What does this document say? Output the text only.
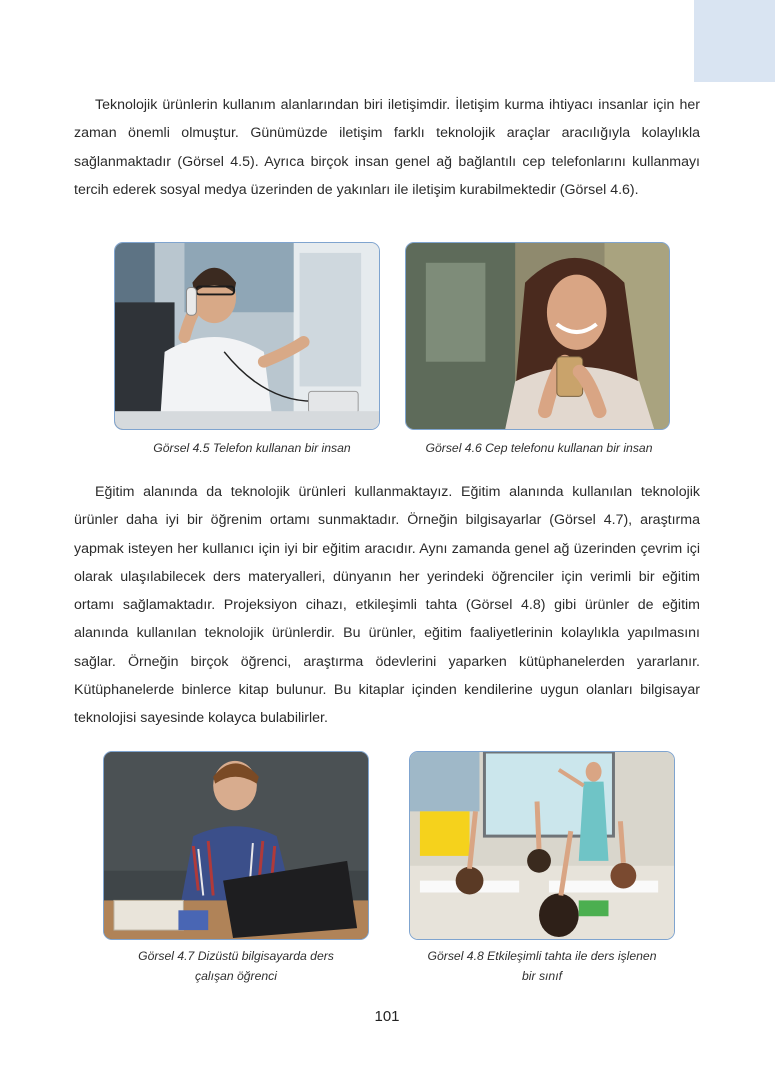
Teknolojik ürünlerin kullanım alanlarından biri iletişimdir. İletişim kurma ihtiyacı insanlar için her zaman önemli olmuştur. Günümüzde iletişim farklı teknolojik araçlar aracılığıyla kolaylıkla sağlanmaktadır (Görsel 4.5). Ayrıca birçok insan genel ağ bağlantılı cep telefonlarını kullanmayı tercih ederek sosyal medya üzerinden de yakınları ile iletişim kurabilmektedir (Görsel 4.6).

Görsel 4.5 Telefon kullanan bir insan	Görsel 4.6 Cep telefonu kullanan bir insan

Eğitim alanında da teknolojik ürünleri kullanmaktayız. Eğitim alanında kullanılan teknolojik ürünler daha iyi bir öğrenim ortamı sunmaktadır. Örneğin bilgisayarlar (Görsel 4.7), araştırma yapmak isteyen her kullanıcı için iyi bir eğitim aracıdır. Aynı zamanda genel ağ üzerinden çevrim içi olarak ulaşılabilecek ders materyalleri, dünyanın her yerindeki öğrenciler için verimli bir eğitim ortamı sağlamaktadır. Projeksiyon cihazı, etkileşimli tahta (Görsel 4.8) gibi ürünler de eğitim alanında kullanılan teknolojik ürünlerdir. Bu ürünler, eğitim faaliyetlerinin kolaylıkla yapılmasını sağlar. Örneğin birçok öğrenci, araştırma ödevlerini yaparken kütüphanelerden yararlanır. Kütüphanelerde binlerce kitap bulunur. Bu kitaplar içinden kendilerine uygun olanları bilgisayar teknolojisi sayesinde kolayca bulabilirler.

Görsel 4.7 Dizüstü bilgisayarda ders
çalışan öğrenci
Görsel 4.8 Etkileşimli tahta ile ders işlenen
bir sınıf
101
